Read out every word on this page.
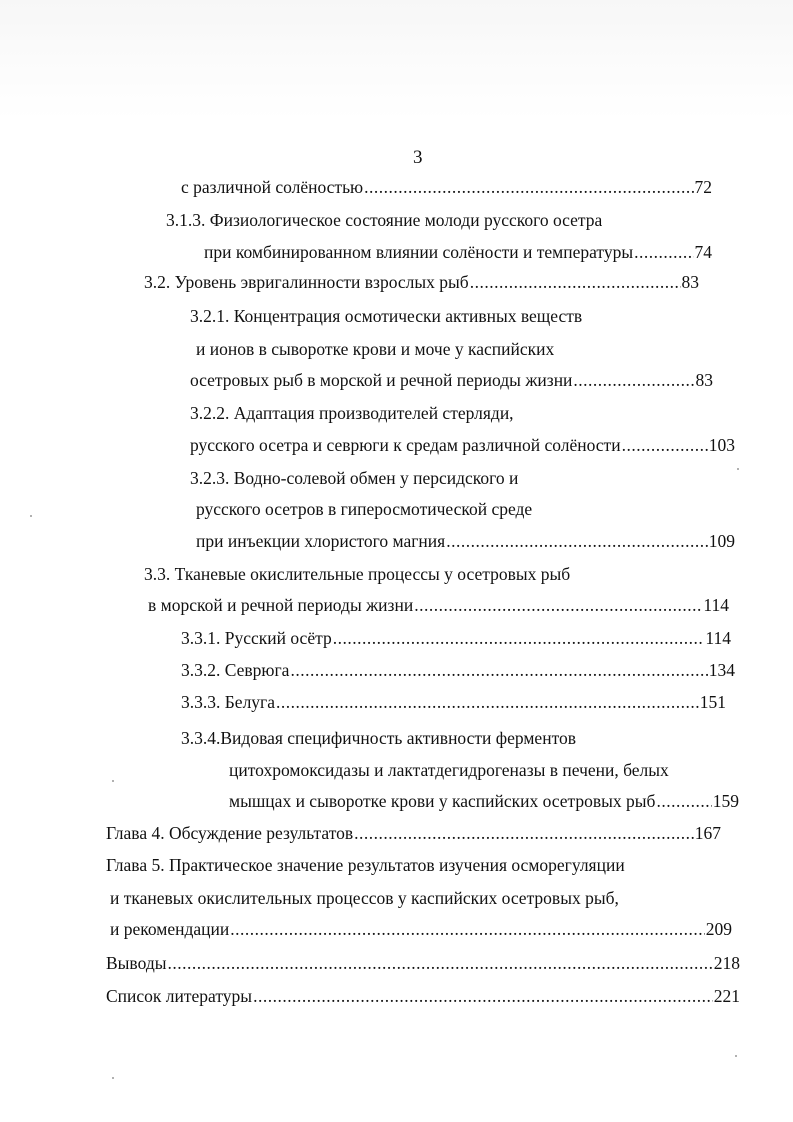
3
с различной солёностью .....	72
3.1.3. Физиологическое состояние молоди русского осетра
при комбинированном влиянии солёности и температуры .....	74
3.2. Уровень эвригалинности взрослых рыб .....	83
3.2.1. Концентрация осмотически активных веществ
и ионов в сыворотке крови и моче у каспийских
осетровых рыб в морской и речной периоды жизни .....	83
3.2.2. Адаптация производителей стерляди,
русского осетра и севрюги к средам различной солёности .....	103
3.2.3. Водно-солевой обмен у персидского и
русского осетров в гиперосмотической среде
при инъекции хлористого магния .....	109
3.3. Тканевые окислительные процессы у осетровых рыб
в морской и речной периоды жизни .....	114
3.3.1. Русский осётр .....	114
3.3.2. Севрюга .....	134
3.3.3. Белуга .....	151
3.3.4.Видовая специфичность активности ферментов
цитохромоксидазы и лактатдегидрогеназы в печени, белых
мышцах и сыворотке крови у каспийских осетровых рыб .....	159
Глава 4. Обсуждение результатов .....	167
Глава 5. Практическое значение результатов изучения осморегуляции
и тканевых окислительных процессов у каспийских осетровых рыб,
и рекомендации .....	209
Выводы .....	218
Список литературы .....	221
